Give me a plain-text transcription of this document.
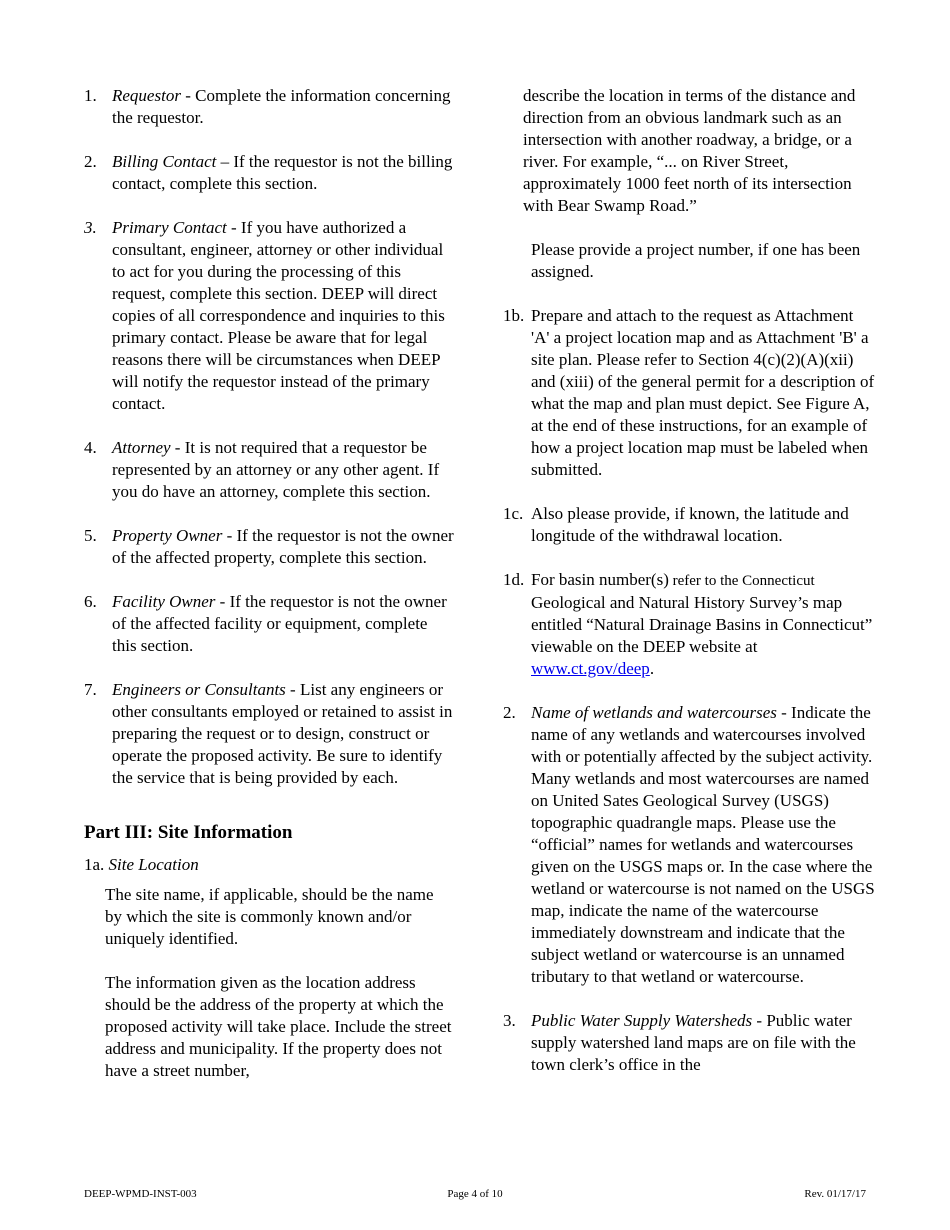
1. Requestor - Complete the information concerning the requestor.
2. Billing Contact – If the requestor is not the billing contact, complete this section.
3. Primary Contact - If you have authorized a consultant, engineer, attorney or other individual to act for you during the processing of this request, complete this section. DEEP will direct copies of all correspondence and inquiries to this primary contact. Please be aware that for legal reasons there will be circumstances when DEEP will notify the requestor instead of the primary contact.
4. Attorney - It is not required that a requestor be represented by an attorney or any other agent. If you do have an attorney, complete this section.
5. Property Owner - If the requestor is not the owner of the affected property, complete this section.
6. Facility Owner - If the requestor is not the owner of the affected facility or equipment, complete this section.
7. Engineers or Consultants - List any engineers or other consultants employed or retained to assist in preparing the request or to design, construct or operate the proposed activity. Be sure to identify the service that is being provided by each.
Part III: Site Information
1a. Site Location
The site name, if applicable, should be the name by which the site is commonly known and/or uniquely identified.
The information given as the location address should be the address of the property at which the proposed activity will take place. Include the street address and municipality. If the property does not have a street number,
describe the location in terms of the distance and direction from an obvious landmark such as an intersection with another roadway, a bridge, or a river. For example, “... on River Street, approximately 1000 feet north of its intersection with Bear Swamp Road.”
Please provide a project number, if one has been assigned.
1b. Prepare and attach to the request as Attachment 'A' a project location map and as Attachment 'B' a site plan. Please refer to Section 4(c)(2)(A)(xii) and (xiii) of the general permit for a description of what the map and plan must depict. See Figure A, at the end of these instructions, for an example of how a project location map must be labeled when submitted.
1c. Also please provide, if known, the latitude and longitude of the withdrawal location.
1d. For basin number(s) refer to the Connecticut Geological and Natural History Survey’s map entitled “Natural Drainage Basins in Connecticut” viewable on the DEEP website at www.ct.gov/deep.
2. Name of wetlands and watercourses - Indicate the name of any wetlands and watercourses involved with or potentially affected by the subject activity. Many wetlands and most watercourses are named on United Sates Geological Survey (USGS) topographic quadrangle maps. Please use the “official” names for wetlands and watercourses given on the USGS maps or. In the case where the wetland or watercourse is not named on the USGS map, indicate the name of the watercourse immediately downstream and indicate that the subject wetland or watercourse is an unnamed tributary to that wetland or watercourse.
3. Public Water Supply Watersheds - Public water supply watershed land maps are on file with the town clerk’s office in the
DEEP-WPMD-INST-003	Page 4 of 10	Rev. 01/17/17
